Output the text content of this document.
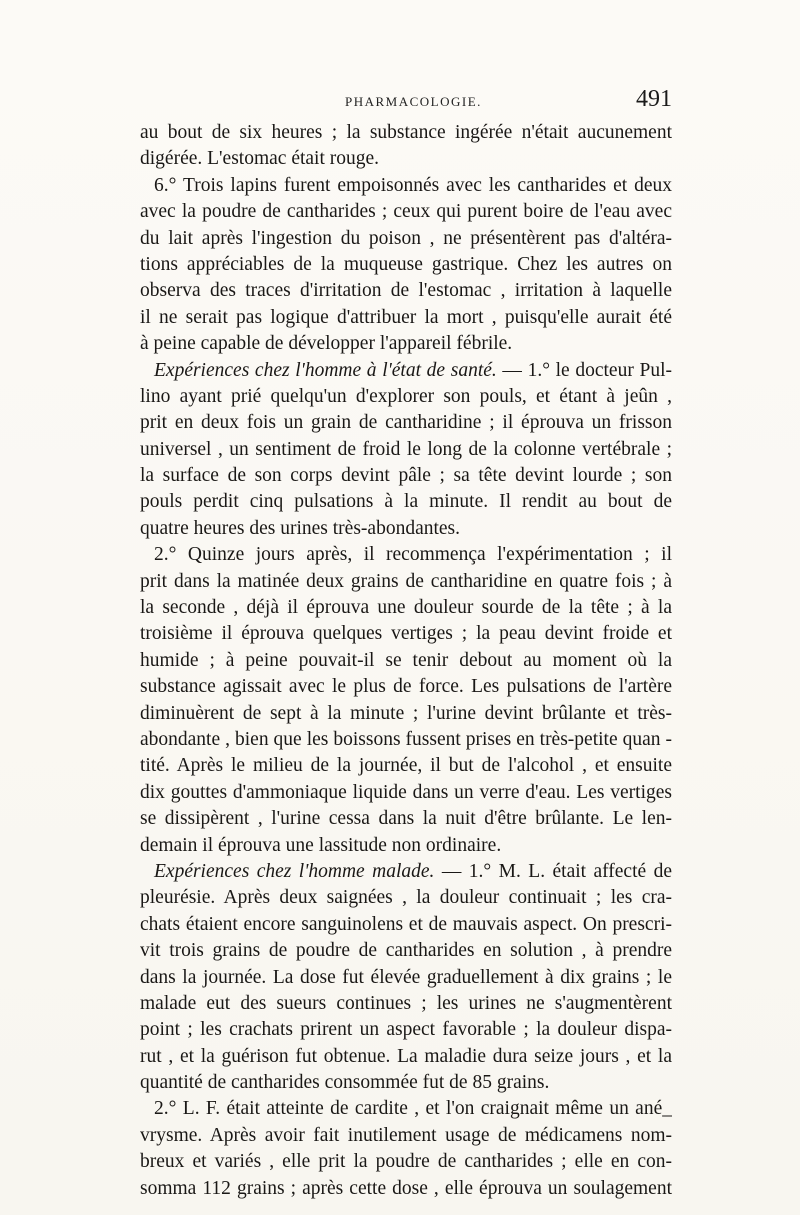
PHARMACOLOGIE.	491
au bout de six heures ; la substance ingérée n'était aucunement
digérée. L'estomac était rouge.
6.° Trois lapins furent empoisonnés avec les cantharides et deux
avec la poudre de cantharides ; ceux qui purent boire de l'eau avec
du lait après l'ingestion du poison , ne présentèrent pas d'altéra-
tions appréciables de la muqueuse gastrique. Chez les autres on
observa des traces d'irritation de l'estomac , irritation à laquelle
il ne serait pas logique d'attribuer la mort , puisqu'elle aurait été
à peine capable de développer l'appareil fébrile.
Expériences chez l'homme à l'état de santé. — 1.° le docteur Pul-
lino ayant prié quelqu'un d'explorer son pouls, et étant à jeûn ,
prit en deux fois un grain de cantharidine ; il éprouva un frisson
universel , un sentiment de froid le long de la colonne vertébrale ;
la surface de son corps devint pâle ; sa tête devint lourde ; son
pouls perdit cinq pulsations à la minute. Il rendit au bout de
quatre heures des urines très-abondantes.
2.° Quinze jours après, il recommença l'expérimentation ; il
prit dans la matinée deux grains de cantharidine en quatre fois ; à
la seconde , déjà il éprouva une douleur sourde de la tête ; à la
troisième il éprouva quelques vertiges ; la peau devint froide et
humide ; à peine pouvait-il se tenir debout au moment où la
substance agissait avec le plus de force. Les pulsations de l'artère
diminuèrent de sept à la minute ; l'urine devint brûlante et très-
abondante , bien que les boissons fussent prises en très-petite quan -
tité. Après le milieu de la journée, il but de l'alcohol , et ensuite
dix gouttes d'ammoniaque liquide dans un verre d'eau. Les vertiges
se dissipèrent , l'urine cessa dans la nuit d'être brûlante. Le len-
demain il éprouva une lassitude non ordinaire.
Expériences chez l'homme malade. — 1.° M. L. était affecté de
pleurésie. Après deux saignées , la douleur continuait ; les cra-
chats étaient encore sanguinolens et de mauvais aspect. On prescri-
vit trois grains de poudre de cantharides en solution , à prendre
dans la journée. La dose fut élevée graduellement à dix grains ; le
malade eut des sueurs continues ; les urines ne s'augmentèrent
point ; les crachats prirent un aspect favorable ; la douleur dispa-
rut , et la guérison fut obtenue. La maladie dura seize jours , et la
quantité de cantharides consommée fut de 85 grains.
2.° L. F. était atteinte de cardite , et l'on craignait même un ané_
vrysme. Après avoir fait inutilement usage de médicamens nom-
breux et variés , elle prit la poudre de cantharides ; elle en con-
somma 112 grains ; après cette dose , elle éprouva un soulagement
